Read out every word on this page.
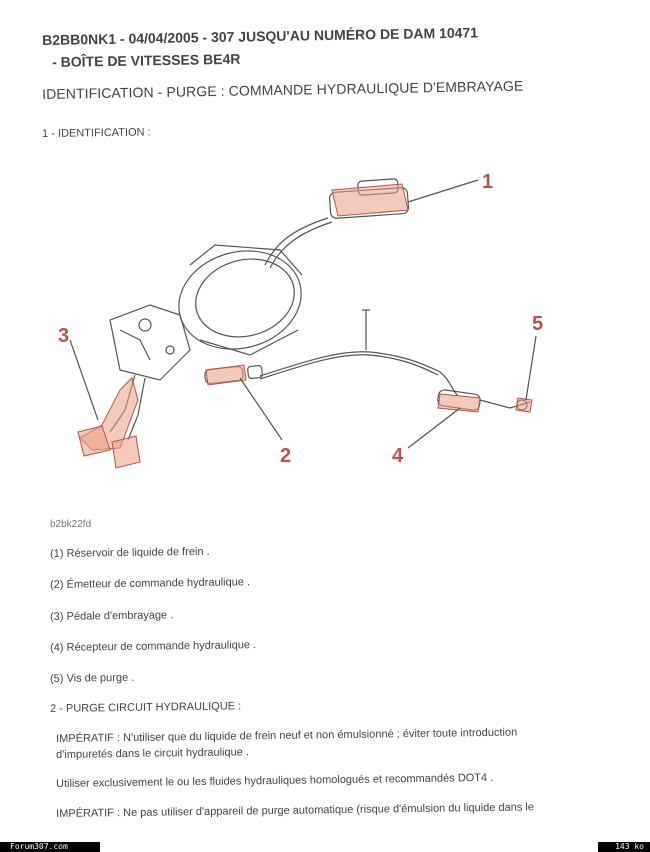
B2BB0NK1 - 04/04/2005 - 307 JUSQU'AU NUMÉRO DE DAM 10471
- BOÎTE DE VITESSES BE4R
IDENTIFICATION - PURGE : COMMANDE HYDRAULIQUE D'EMBRAYAGE
1 - IDENTIFICATION :
1
2
3
4
5
b2bk22fd
(1) Réservoir de liquide de frein .
(2) Émetteur de commande hydraulique .
(3) Pédale d'embrayage .
(4) Récepteur de commande hydraulique .
(5) Vis de purge .
2 - PURGE CIRCUIT HYDRAULIQUE :
IMPÉRATIF : N'utiliser que du liquide de frein neuf et non émulsionné ; éviter toute introduction
d'impuretés dans le circuit hydraulique .
Utiliser exclusivement le ou les fluides hydrauliques homologués et recommandés DOT4 .
IMPÉRATIF : Ne pas utiliser d'appareil de purge automatique (risque d'émulsion du liquide dans le
Forum307.com	143 ko
